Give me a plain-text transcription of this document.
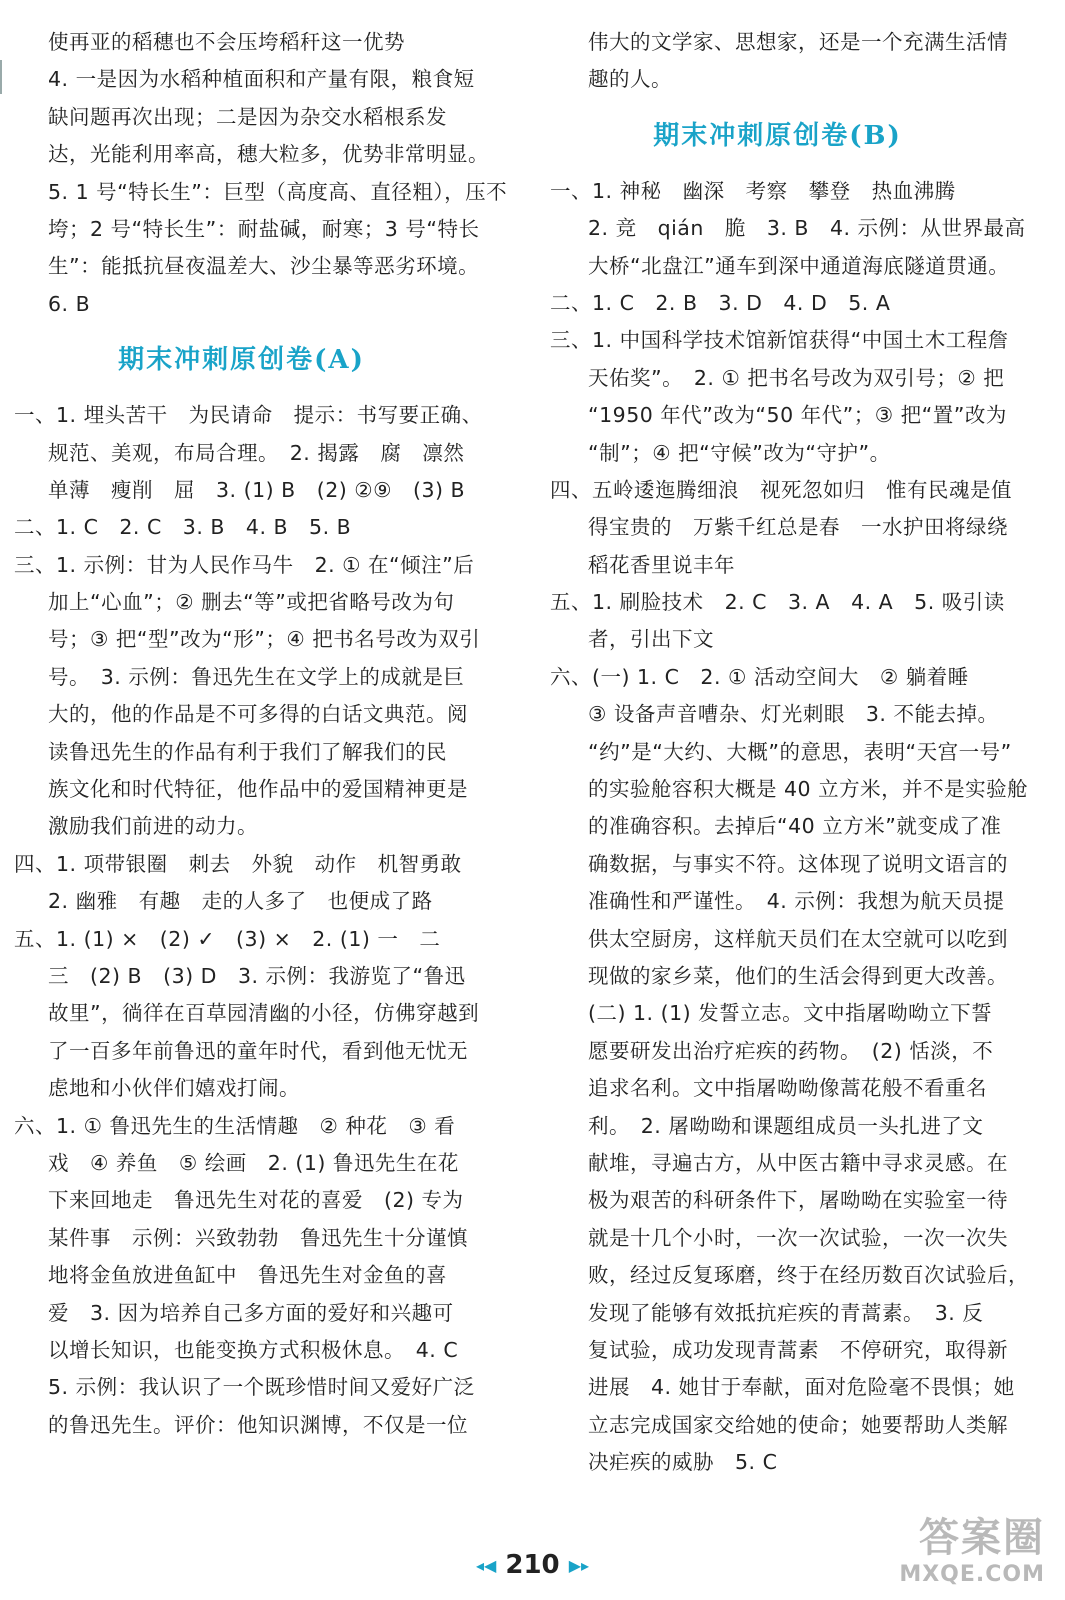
使再亚的稻穗也不会压垮稻秆这一优势
4. 一是因为水稻种植面积和产量有限，粮食短
缺问题再次出现；二是因为杂交水稻根系发
达，光能利用率高，穗大粒多，优势非常明显。
5. 1 号“特长生”：巨型（高度高、直径粗），压不
垮；2 号“特长生”：耐盐碱，耐寒；3 号“特长
生”：能抵抗昼夜温差大、沙尘暴等恶劣环境。
6. B
期末冲刺原创卷(A)
一、1. 埋头苦干　为民请命　提示：书写要正确、
规范、美观，布局合理。　2. 揭露　腐　凛然
单薄　瘦削　屈　3. (1) B　(2) ②⑨　(3) B
二、1. C　2. C　3. B　4. B　5. B
三、1. 示例：甘为人民作马牛　2. ① 在“倾注”后
加上“心血”；② 删去“等”或把省略号改为句
号；③ 把“型”改为“形”；④ 把书名号改为双引
号。　3. 示例：鲁迅先生在文学上的成就是巨
大的，他的作品是不可多得的白话文典范。阅
读鲁迅先生的作品有利于我们了解我们的民
族文化和时代特征，他作品中的爱国精神更是
激励我们前进的动力。
四、1. 项带银圈　刺去　外貌　动作　机智勇敢
2. 幽雅　有趣　走的人多了　也便成了路
五、1. (1) ×　(2) ✓　(3) ×　2. (1) 一　二
三　(2) B　(3) D　3. 示例：我游览了“鲁迅
故里”，徜徉在百草园清幽的小径，仿佛穿越到
了一百多年前鲁迅的童年时代，看到他无忧无
虑地和小伙伴们嬉戏打闹。
六、1. ① 鲁迅先生的生活情趣　② 种花　③ 看
戏　④ 养鱼　⑤ 绘画　2. (1) 鲁迅先生在花
下来回地走　鲁迅先生对花的喜爱　(2) 专为
某件事　示例：兴致勃勃　鲁迅先生十分谨慎
地将金鱼放进鱼缸中　鲁迅先生对金鱼的喜
爱　3. 因为培养自己多方面的爱好和兴趣可
以增长知识，也能变换方式积极休息。　4. C
5. 示例：我认识了一个既珍惜时间又爱好广泛
的鲁迅先生。评价：他知识渊博，不仅是一位
伟大的文学家、思想家，还是一个充满生活情
趣的人。
期末冲刺原创卷(B)
一、1. 神秘　幽深　考察　攀登　热血沸腾
2. 竞　qián　脆　3. B　4. 示例：从世界最高
大桥“北盘江”通车到深中通道海底隧道贯通。
二、1. C　2. B　3. D　4. D　5. A
三、1. 中国科学技术馆新馆获得“中国土木工程詹
天佑奖”。　2. ① 把书名号改为双引号；② 把
“1950 年代”改为“50 年代”；③ 把“置”改为
“制”；④ 把“守候”改为“守护”。
四、五岭逶迤腾细浪　视死忽如归　惟有民魂是值
得宝贵的　万紫千红总是春　一水护田将绿绕
稻花香里说丰年
五、1. 刷脸技术　2. C　3. A　4. A　5. 吸引读
者，引出下文
六、(一) 1. C　2. ① 活动空间大　② 躺着睡
③ 设备声音嘈杂、灯光刺眼　3. 不能去掉。
“约”是“大约、大概”的意思，表明“天宫一号”
的实验舱容积大概是 40 立方米，并不是实验舱
的准确容积。去掉后“40 立方米”就变成了准
确数据，与事实不符。这体现了说明文语言的
准确性和严谨性。　4. 示例：我想为航天员提
供太空厨房，这样航天员们在太空就可以吃到
现做的家乡菜，他们的生活会得到更大改善。
(二) 1. (1) 发誓立志。文中指屠呦呦立下誓
愿要研发出治疗疟疾的药物。　(2) 恬淡，不
追求名利。文中指屠呦呦像蒿花般不看重名
利。　2. 屠呦呦和课题组成员一头扎进了文
献堆，寻遍古方，从中医古籍中寻求灵感。在
极为艰苦的科研条件下，屠呦呦在实验室一待
就是十几个小时，一次一次试验，一次一次失
败，经过反复琢磨，终于在经历数百次试验后，
发现了能够有效抵抗疟疾的青蒿素。　3. 反
复试验，成功发现青蒿素　不停研究，取得新
进展　4. 她甘于奉献，面对危险毫不畏惧；她
立志完成国家交给她的使命；她要帮助人类解
决疟疾的威胁　5. C
◂◀ 210 ▶▸
答案圈
MXQE.COM
